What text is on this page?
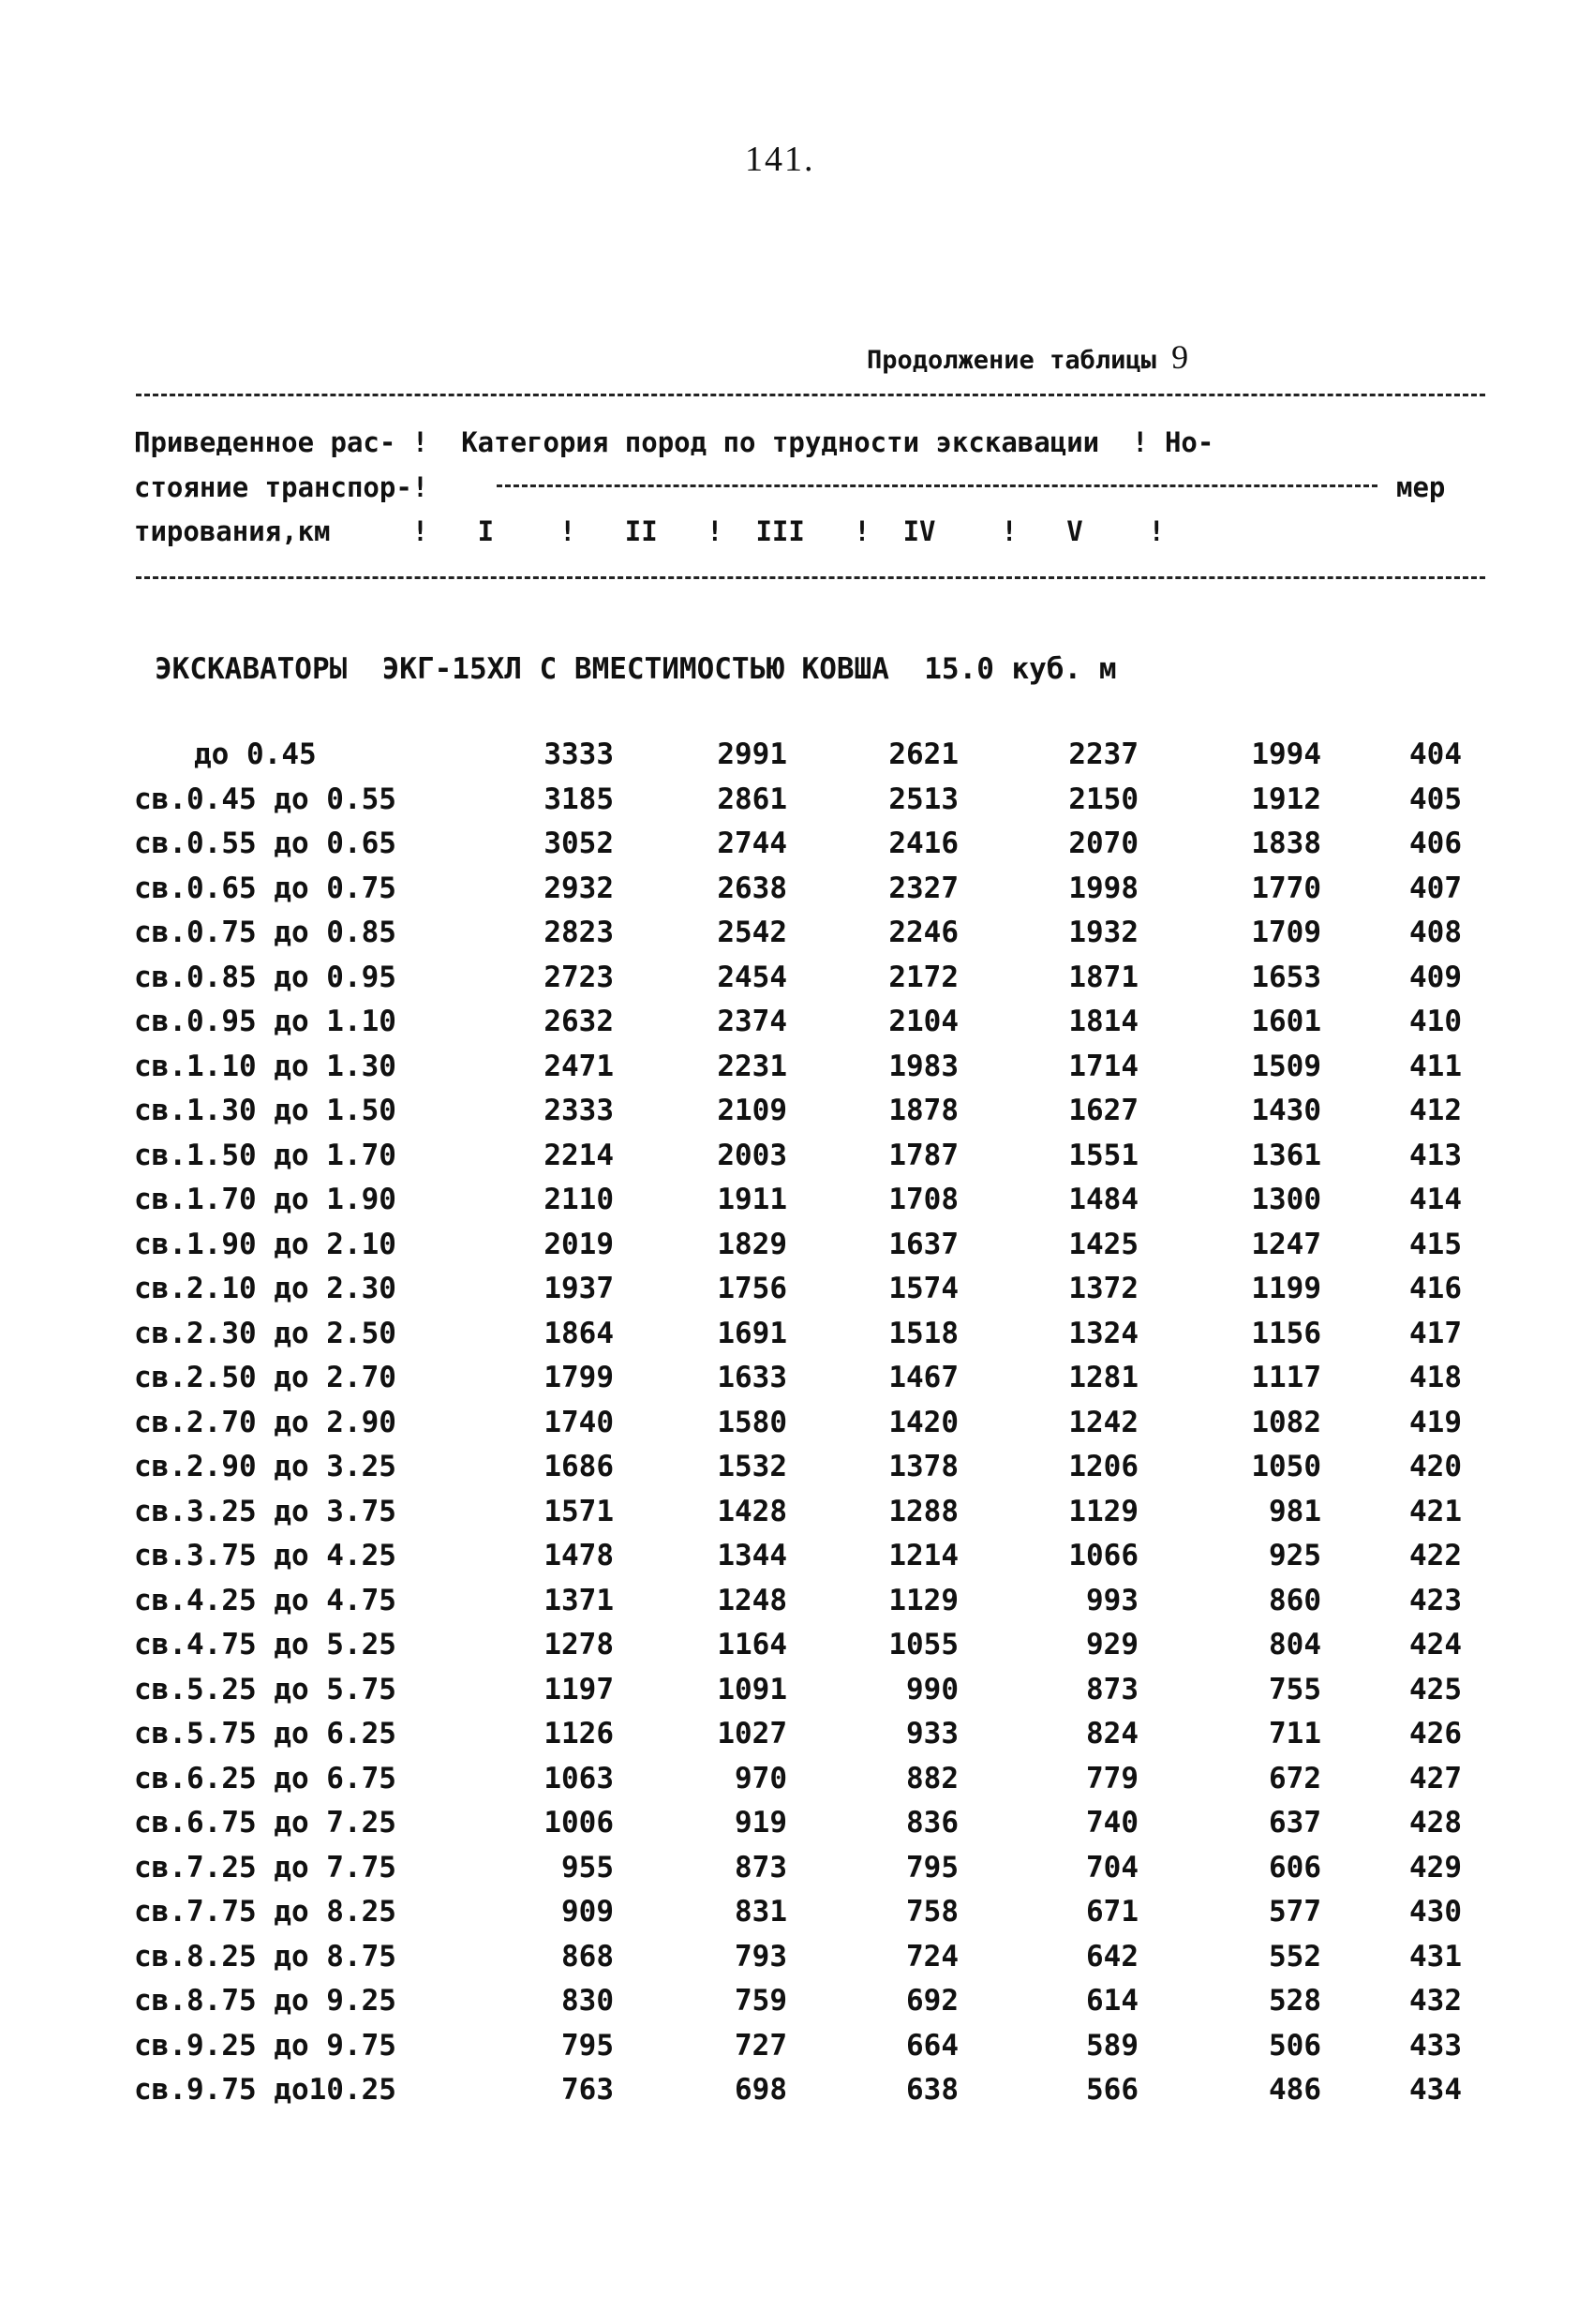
141.
Продолжение таблицы 9
Приведенное рас- !  Категория пород по трудности экскавации  ! Но-
стояние транспор-!	мер
тирования,км     !   I    !   II   !  III   !  IV    !   V    !
ЭКСКАВАТОРЫ  ЭКГ-15ХЛ С ВМЕСТИМОСТЬЮ КОВША  15.0 куб. м
до 0.45	3333	2991	2621	2237	1994	404
св.0.45 до 0.55	3185	2861	2513	2150	1912	405
св.0.55 до 0.65	3052	2744	2416	2070	1838	406
св.0.65 до 0.75	2932	2638	2327	1998	1770	407
св.0.75 до 0.85	2823	2542	2246	1932	1709	408
св.0.85 до 0.95	2723	2454	2172	1871	1653	409
св.0.95 до 1.10	2632	2374	2104	1814	1601	410
св.1.10 до 1.30	2471	2231	1983	1714	1509	411
св.1.30 до 1.50	2333	2109	1878	1627	1430	412
св.1.50 до 1.70	2214	2003	1787	1551	1361	413
св.1.70 до 1.90	2110	1911	1708	1484	1300	414
св.1.90 до 2.10	2019	1829	1637	1425	1247	415
св.2.10 до 2.30	1937	1756	1574	1372	1199	416
св.2.30 до 2.50	1864	1691	1518	1324	1156	417
св.2.50 до 2.70	1799	1633	1467	1281	1117	418
св.2.70 до 2.90	1740	1580	1420	1242	1082	419
св.2.90 до 3.25	1686	1532	1378	1206	1050	420
св.3.25 до 3.75	1571	1428	1288	1129	981	421
св.3.75 до 4.25	1478	1344	1214	1066	925	422
св.4.25 до 4.75	1371	1248	1129	993	860	423
св.4.75 до 5.25	1278	1164	1055	929	804	424
св.5.25 до 5.75	1197	1091	990	873	755	425
св.5.75 до 6.25	1126	1027	933	824	711	426
св.6.25 до 6.75	1063	970	882	779	672	427
св.6.75 до 7.25	1006	919	836	740	637	428
св.7.25 до 7.75	955	873	795	704	606	429
св.7.75 до 8.25	909	831	758	671	577	430
св.8.25 до 8.75	868	793	724	642	552	431
св.8.75 до 9.25	830	759	692	614	528	432
св.9.25 до 9.75	795	727	664	589	506	433
св.9.75 до10.25	763	698	638	566	486	434
